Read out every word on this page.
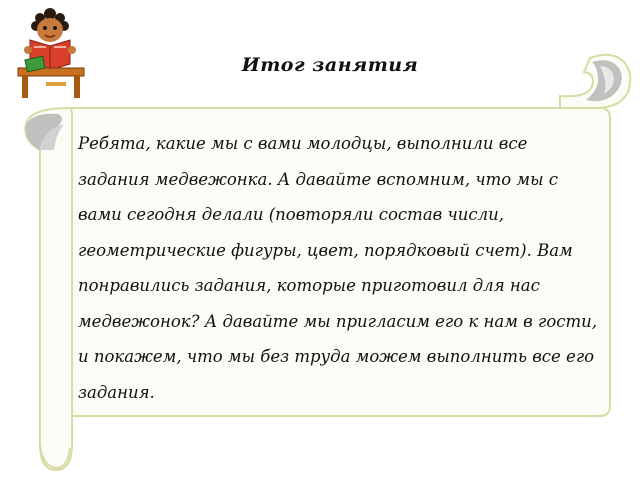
Итог занятия

Ребята, какие мы с вами молодцы, выполнили все задания медвежонка. А давайте вспомним, что мы с вами сегодня делали (повторяли состав числи, геометрические фигуры, цвет, порядковый счет). Вам понравились задания, которые приготовил для нас медвежонок? А давайте мы пригласим его к нам в гости, и покажем, что мы без труда можем выполнить все его задания.
